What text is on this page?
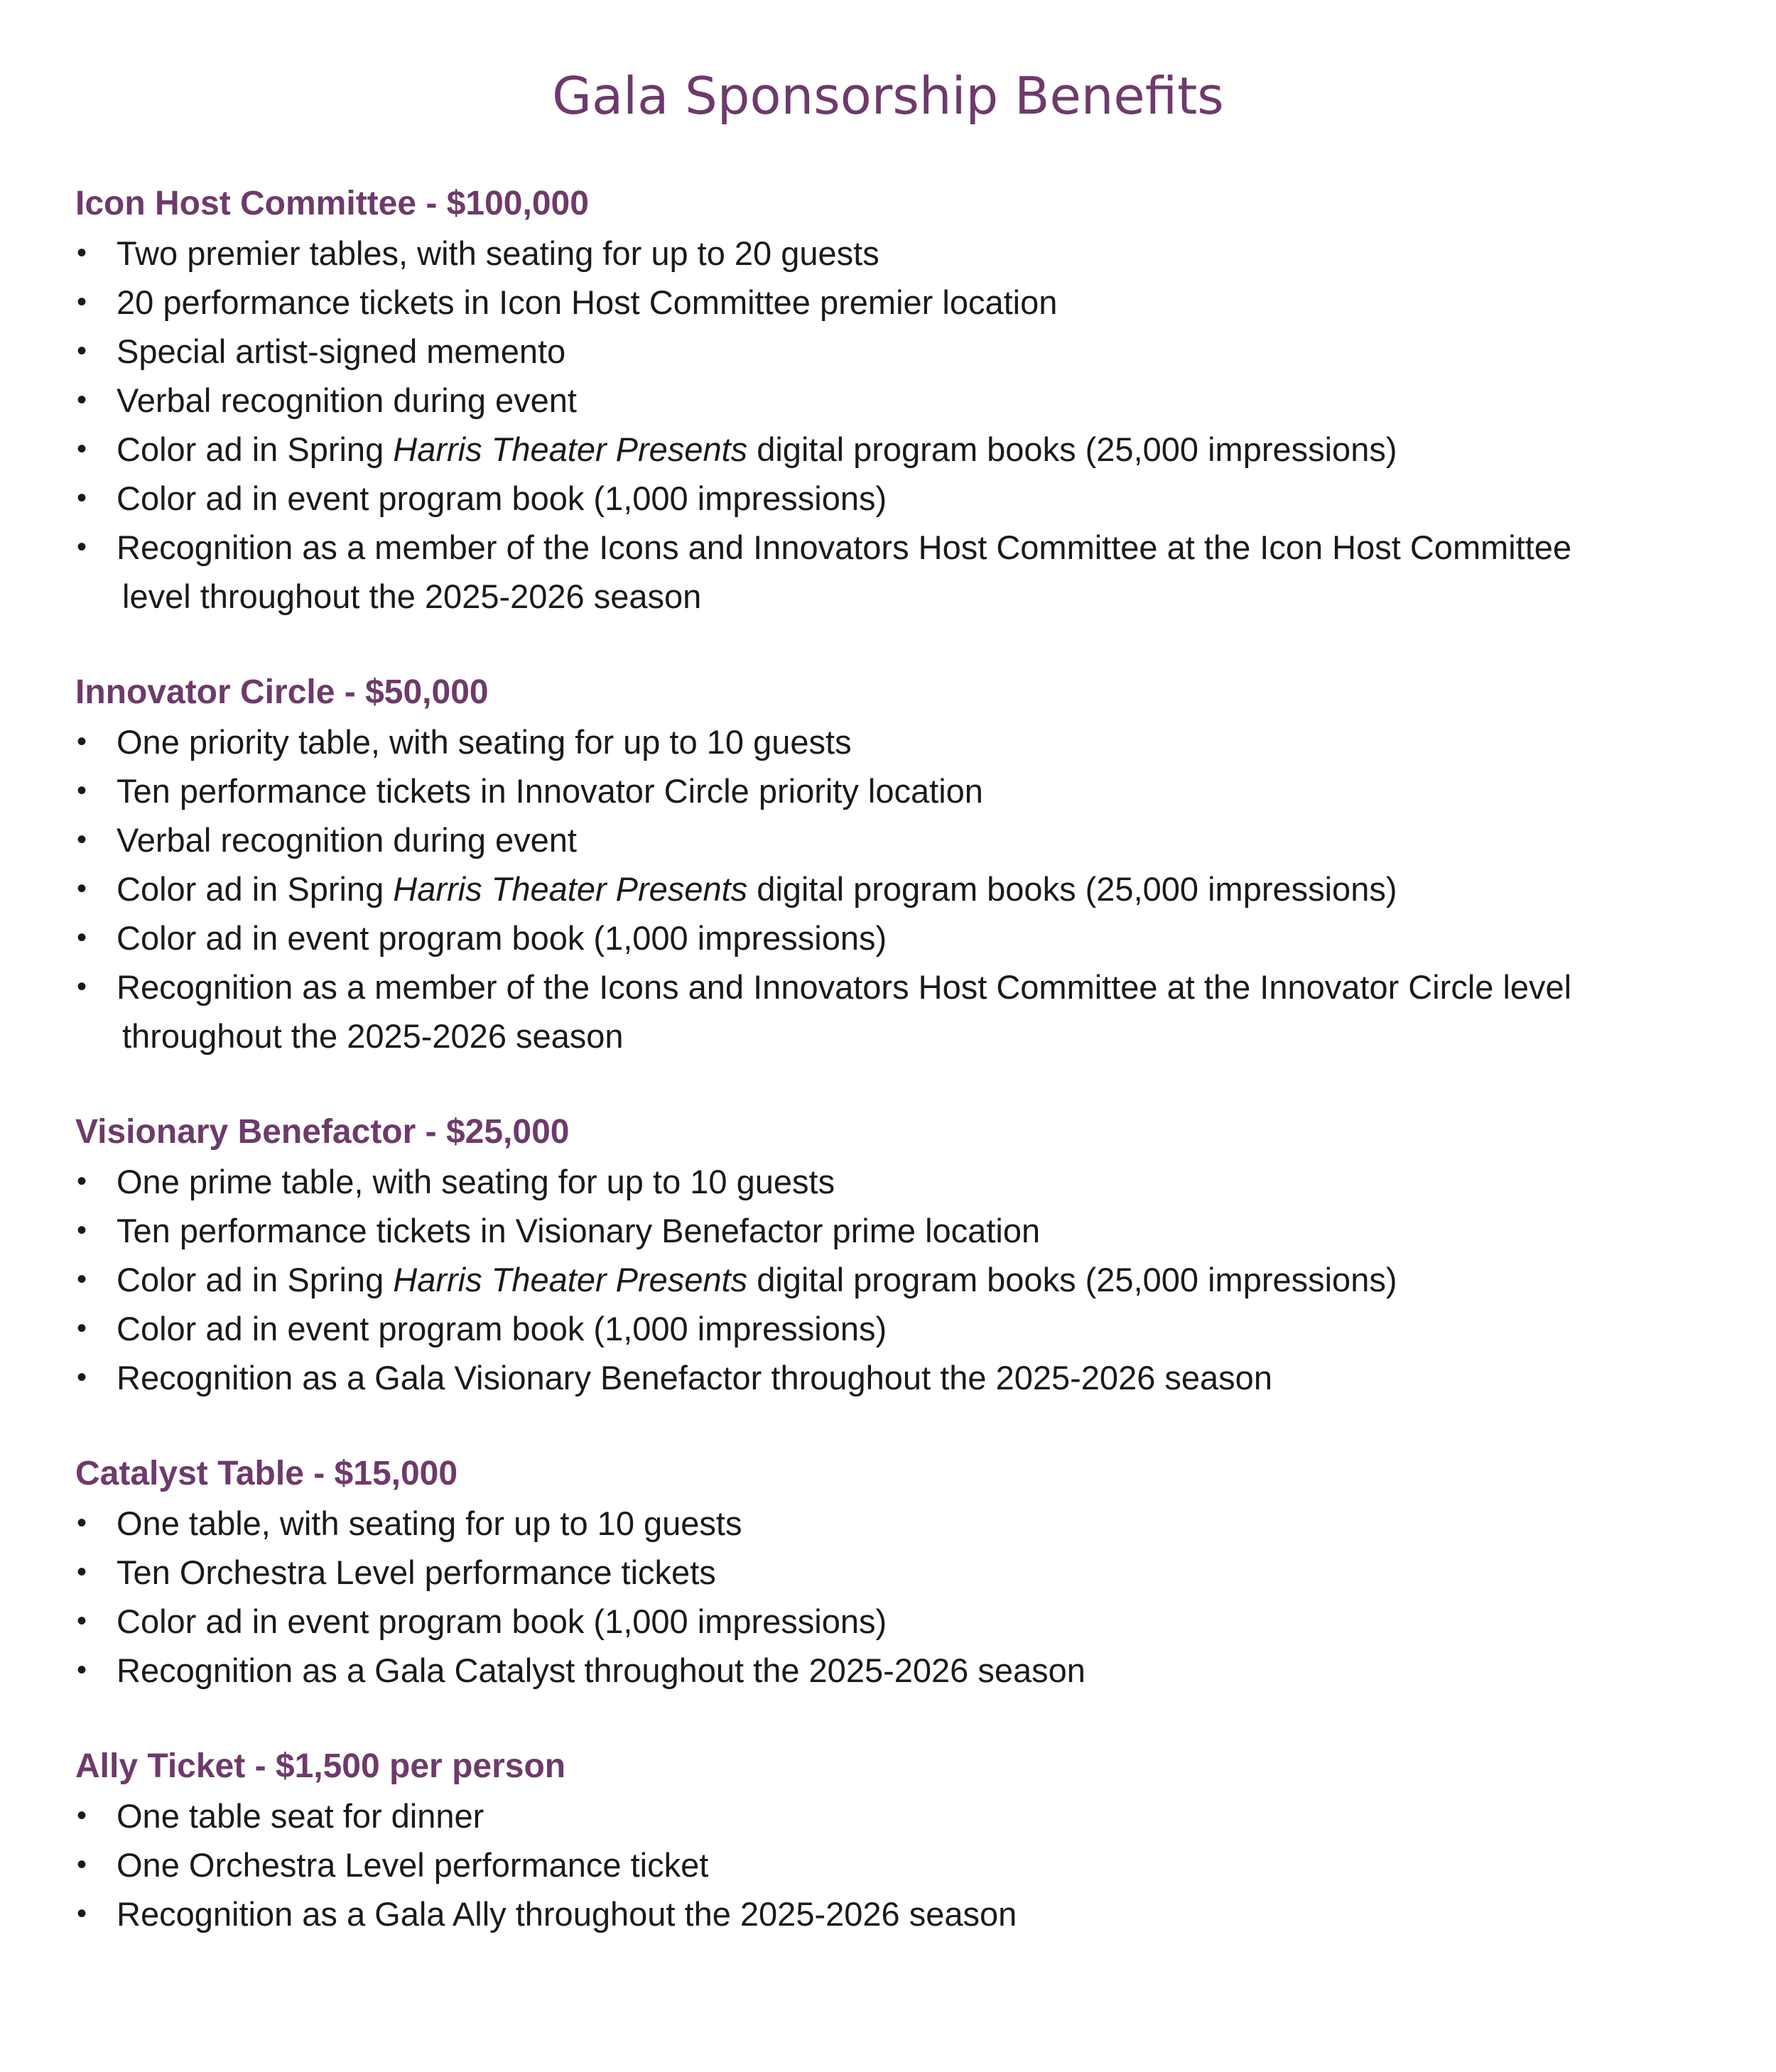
Gala Sponsorship Benefits
Icon Host Committee - $100,000
• Two premier tables, with seating for up to 20 guests
• 20 performance tickets in Icon Host Committee premier location
• Special artist-signed memento
• Verbal recognition during event
• Color ad in Spring Harris Theater Presents digital program books (25,000 impressions)
• Color ad in event program book (1,000 impressions)
• Recognition as a member of the Icons and Innovators Host Committee at the Icon Host Committee
level throughout the 2025-2026 season
Innovator Circle - $50,000
• One priority table, with seating for up to 10 guests
• Ten performance tickets in Innovator Circle priority location
• Verbal recognition during event
• Color ad in Spring Harris Theater Presents digital program books (25,000 impressions)
• Color ad in event program book (1,000 impressions)
• Recognition as a member of the Icons and Innovators Host Committee at the Innovator Circle level
throughout the 2025-2026 season
Visionary Benefactor - $25,000
• One prime table, with seating for up to 10 guests
• Ten performance tickets in Visionary Benefactor prime location
• Color ad in Spring Harris Theater Presents digital program books (25,000 impressions)
• Color ad in event program book (1,000 impressions)
• Recognition as a Gala Visionary Benefactor throughout the 2025-2026 season
Catalyst Table - $15,000
• One table, with seating for up to 10 guests
• Ten Orchestra Level performance tickets
• Color ad in event program book (1,000 impressions)
• Recognition as a Gala Catalyst throughout the 2025-2026 season
Ally Ticket - $1,500 per person
• One table seat for dinner
• One Orchestra Level performance ticket
• Recognition as a Gala Ally throughout the 2025-2026 season
